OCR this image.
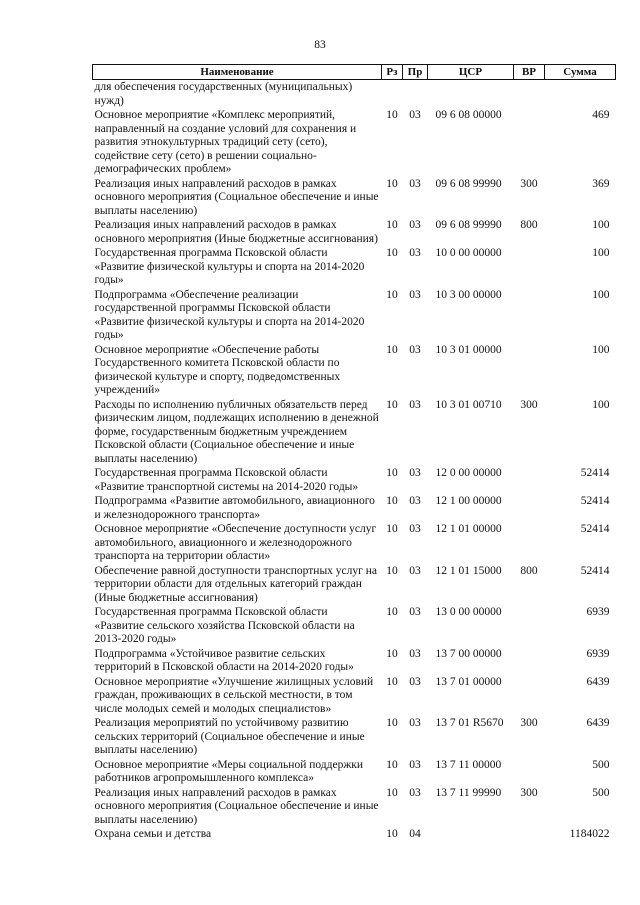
83
Наименование	Рз	Пр	ЦСР	ВР	Сумма
для обеспечения государственных (муниципальных) нужд)					
Основное мероприятие «Комплекс мероприятий, направленный на создание условий для сохранения и развития этнокультурных традиций сету (сето), содействие сету (сето) в решении социально-демографических проблем»	10	03	09 6 08 00000		469
Реализация иных направлений расходов в рамках основного мероприятия (Социальное обеспечение и иные выплаты населению)	10	03	09 6 08 99990	300	369
Реализация иных направлений расходов в рамках основного мероприятия (Иные бюджетные ассигнования)	10	03	09 6 08 99990	800	100
Государственная программа Псковской области «Развитие физической культуры и спорта на 2014-2020 годы»	10	03	10 0 00 00000		100
Подпрограмма «Обеспечение реализации государственной программы Псковской области «Развитие физической культуры и спорта на 2014-2020 годы»	10	03	10 3 00 00000		100
Основное мероприятие «Обеспечение работы Государственного комитета Псковской области по физической культуре и спорту, подведомственных учреждений»	10	03	10 3 01 00000		100
Расходы по исполнению публичных обязательств перед физическим лицом, подлежащих исполнению в денежной форме, государственным бюджетным учреждением Псковской области (Социальное обеспечение и иные выплаты населению)	10	03	10 3 01 00710	300	100
Государственная программа Псковской области «Развитие транспортной системы на 2014-2020 годы»	10	03	12 0 00 00000		52414
Подпрограмма «Развитие автомобильного, авиационного и железнодорожного транспорта»	10	03	12 1 00 00000		52414
Основное мероприятие «Обеспечение доступности услуг автомобильного, авиационного и железнодорожного транспорта на территории области»	10	03	12 1 01 00000		52414
Обеспечение равной доступности транспортных услуг на территории области для отдельных категорий граждан (Иные бюджетные ассигнования)	10	03	12 1 01 15000	800	52414
Государственная программа Псковской области «Развитие сельского хозяйства Псковской области на 2013-2020 годы»	10	03	13 0 00 00000		6939
Подпрограмма «Устойчивое развитие сельских территорий в Псковской области на 2014-2020 годы»	10	03	13 7 00 00000		6939
Основное мероприятие «Улучшение жилищных условий граждан, проживающих в сельской местности, в том числе молодых семей и молодых специалистов»	10	03	13 7 01 00000		6439
Реализация мероприятий по устойчивому развитию сельских территорий (Социальное обеспечение и иные выплаты населению)	10	03	13 7 01 R5670	300	6439
Основное мероприятие «Меры социальной поддержки работников агропромышленного комплекса»	10	03	13 7 11 00000		500
Реализация иных направлений расходов в рамках основного мероприятия (Социальное обеспечение и иные выплаты населению)	10	03	13 7 11 99990	300	500
Охрана семьи и детства	10	04			1184022
